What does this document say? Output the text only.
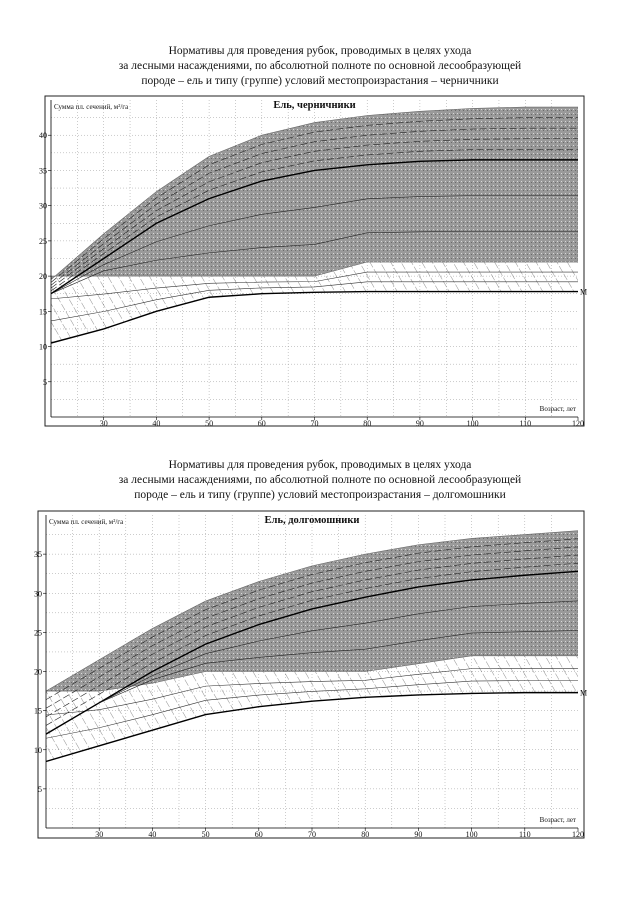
Нормативы для проведения рубок, проводимых в целях ухода
за лесными насаждениями, по абсолютной полноте по основной лесообразующей
породе – ель и типу (группе) условий местопроизрастания – черничники
Нормативы для проведения рубок, проводимых в целях ухода
за лесными насаждениями, по абсолютной полноте по основной лесообразующей
породе – ель и типу (группе) условий местопроизрастания – долгомошники
30	40	50	60	70	80	90	100	110	120
5
10
15
20
25
30
35
40
Ель, черничники
Сумма пл. сечений, м²/га
Возраст, лет
M
30	40	50	60	70	80	90	100	110	120
5
10
15
20
25
30
35
Ель, долгомошники
Сумма пл. сечений, м²/га
Возраст, лет
M
